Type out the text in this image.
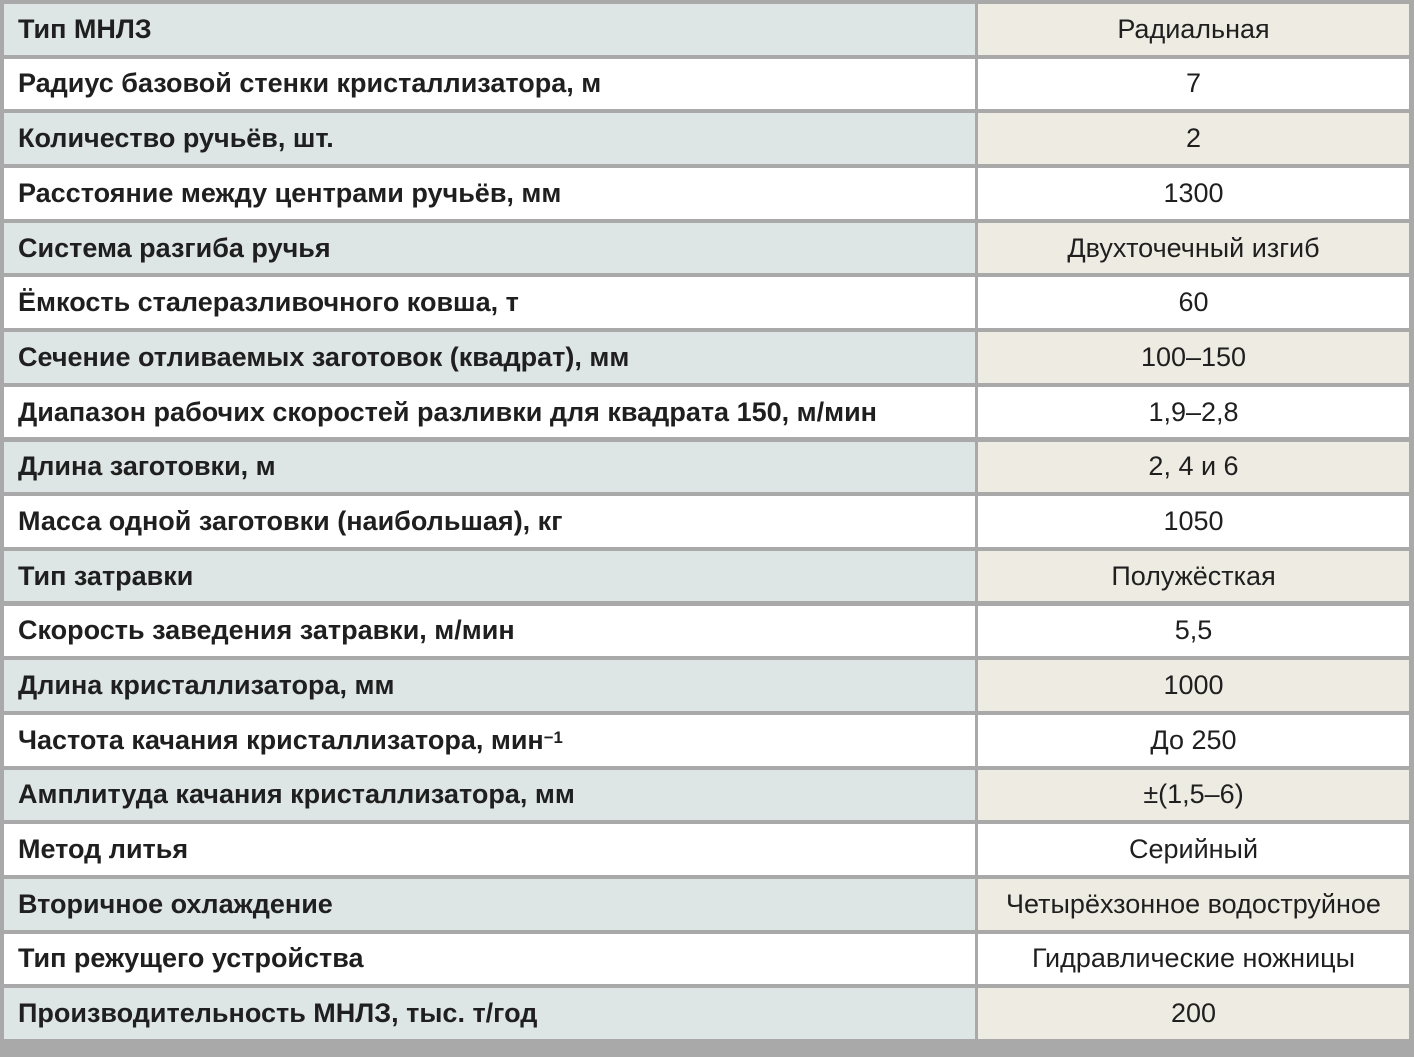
Тип МНЛЗ	Радиальная
Радиус базовой стенки кристаллизатора, м	7
Количество ручьёв, шт.	2
Расстояние между центрами ручьёв, мм	1300
Система разгиба ручья	Двухточечный изгиб
Ёмкость сталеразливочного ковша, т	60
Сечение отливаемых заготовок (квадрат), мм	100–150
Диапазон рабочих скоростей разливки для квадрата 150, м/мин	1,9–2,8
Длина заготовки, м	2, 4 и 6
Масса одной заготовки (наибольшая), кг	1050
Тип затравки	Полужёсткая
Скорость заведения затравки, м/мин	5,5
Длина кристаллизатора, мм	1000
Частота качания кристаллизатора, мин$^{-1}$	До 250
Амплитуда качания кристаллизатора, мм	±(1,5–6)
Метод литья	Серийный
Вторичное охлаждение	Четырёхзонное водоструйное
Тип режущего устройства	Гидравлические ножницы
Производительность МНЛЗ, тыс. т/год	200
